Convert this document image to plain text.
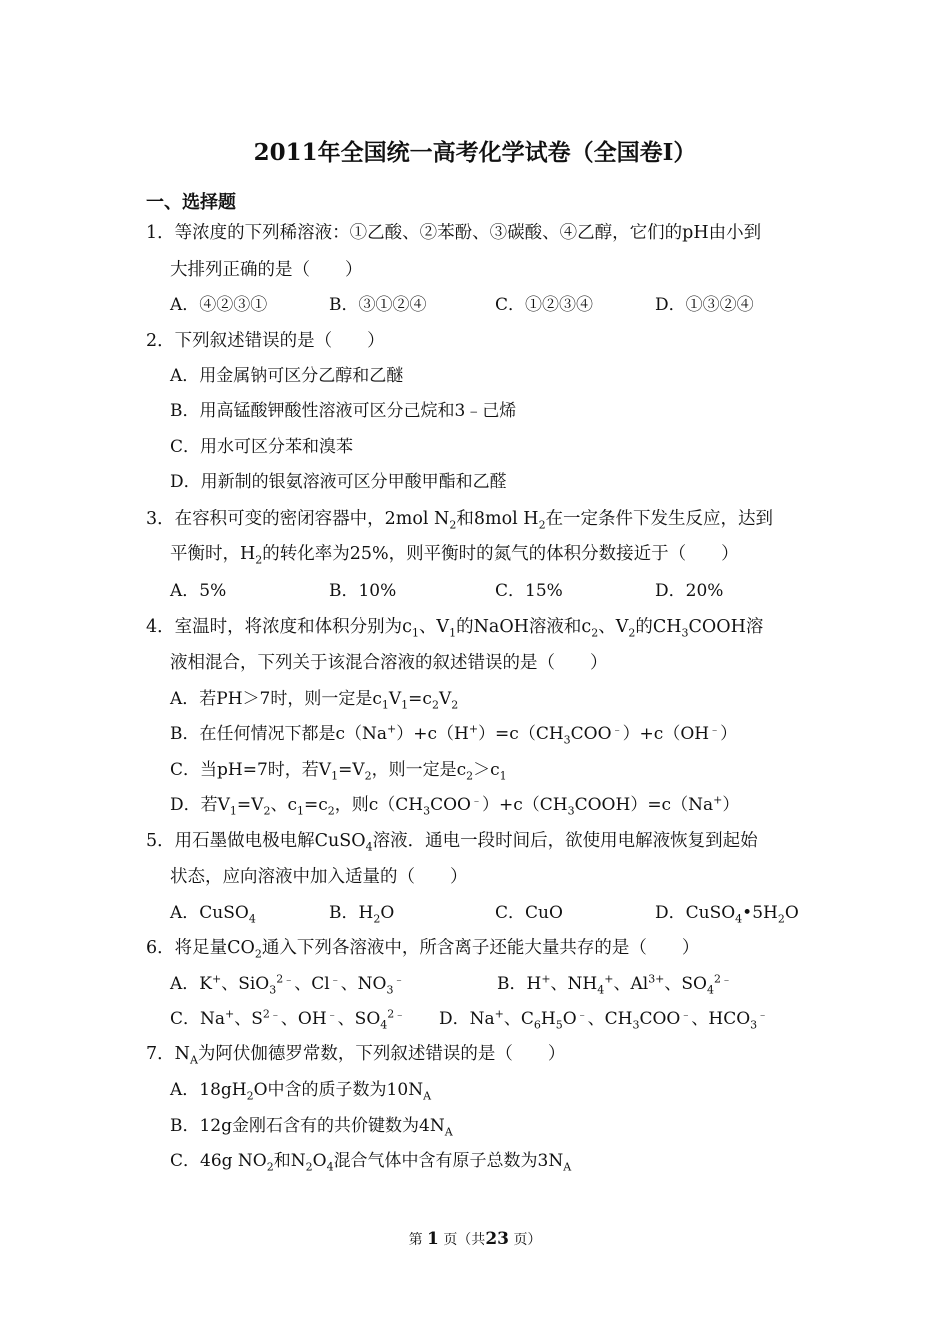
2011年全国统一高考化学试卷（全国卷Ⅰ）
一、选择题
1．等浓度的下列稀溶液：①乙酸、②苯酚、③碳酸、④乙醇，它们的pH由小到
大排列正确的是（　　）
A．④②③①	B．③①②④	C．①②③④	D．①③②④
2．下列叙述错误的是（　　）
A．用金属钠可区分乙醇和乙醚
B．用高锰酸钾酸性溶液可区分己烷和3﹣己烯
C．用水可区分苯和溴苯
D．用新制的银氨溶液可区分甲酸甲酯和乙醛
3．在容积可变的密闭容器中，2mol $N_2$和8mol $H_2$在一定条件下发生反应，达到
平衡时，$H_2$的转化率为25%，则平衡时的氮气的体积分数接近于（　　）
A．5%	B．10%	C．15%	D．20%
4．室温时，将浓度和体积分别为$c_1$、$V_1$的NaOH溶液和$c_2$、$V_2$的$CH_3COOH$溶
液相混合，下列关于该混合溶液的叙述错误的是（　　）
A．若PH＞7时，则一定是$c_1V_1=c_2V_2$
B．在任何情况下都是$c(Na^+)+c(H^+)=c(CH_3COO^﹣)+c(OH^﹣)$
C．当pH=7时，若$V_1=V_2$，则一定是$c_2>c_1$
D．若$V_1=V_2$、$c_1=c_2$，则$c(CH_3COO^﹣)+c(CH_3COOH)=c(Na^+)$
5．用石墨做电极电解CuSO$_4$溶液．通电一段时间后，欲使用电解液恢复到起始
状态，应向溶液中加入适量的（　　）
A．CuSO$_4$	B．$H_2O$	C．CuO	D．$CuSO_4•5H_2O$
6．将足量$CO_2$通入下列各溶液中，所含离子还能大量共存的是（　　）
A．K+、SiO$_3^{2﹣}$、Cl﹣、$NO_3^﹣$	B．H+、$NH_4^+$、$Al^{3+}$、$SO_4^{2﹣}$
C．Na+、$S^{2﹣}$、OH﹣、$SO_4^{2﹣}$ D．Na+、$C_6H_5O^﹣$、$CH_3COO^﹣$、$HCO_3^﹣$
7．$N_A$为阿伏伽德罗常数，下列叙述错误的是（　　）
A．$18gH_2O$中含的质子数为$10N_A$
B．12g金刚石含有的共价键数为$4N_A$
C．46g $NO_2$和$N_2O_4$混合气体中含有原子总数为$3N_A$
第 1 页（共23 页）
